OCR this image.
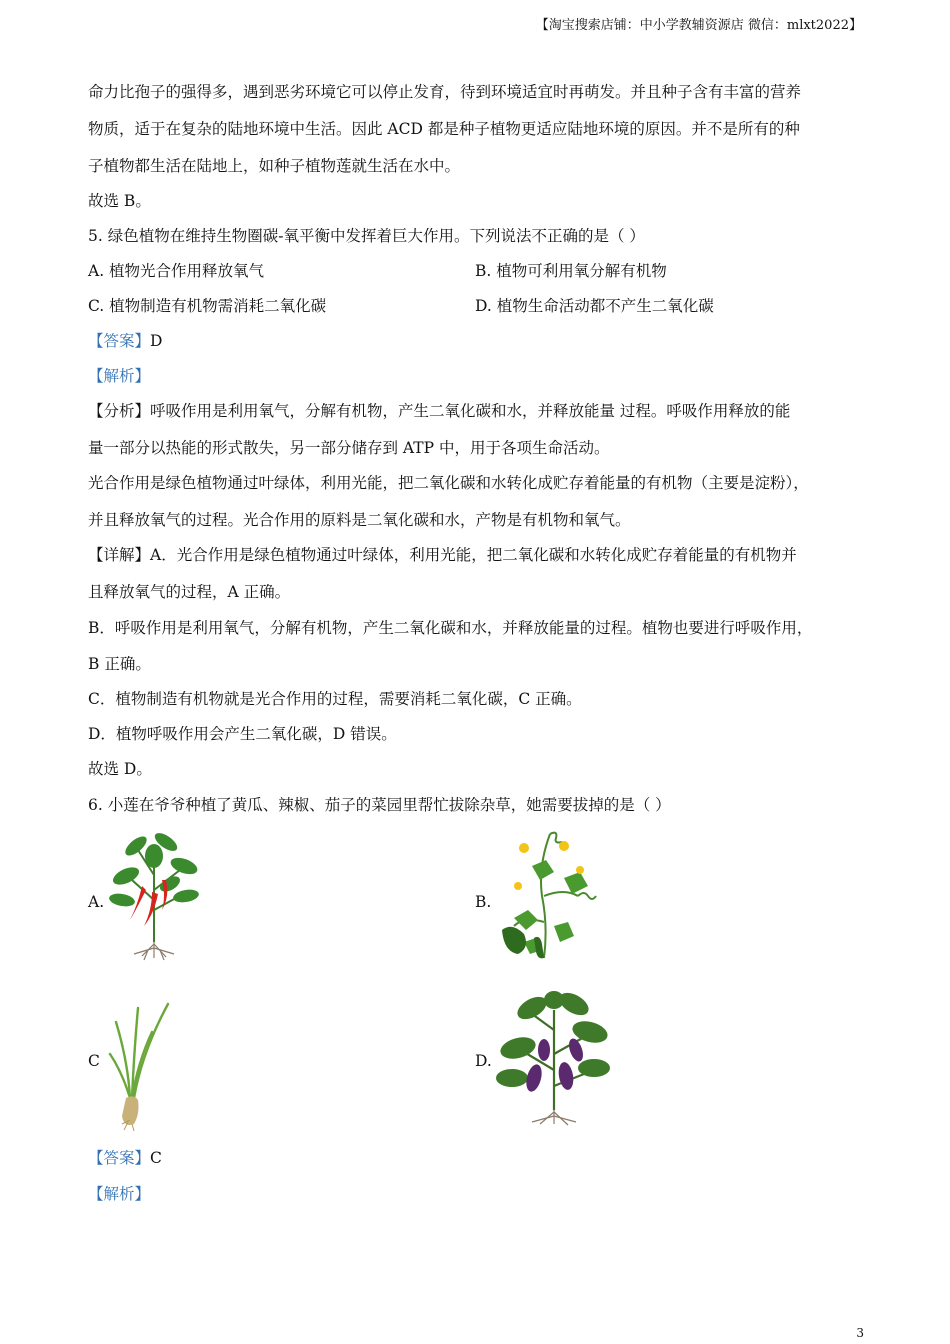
【淘宝搜索店铺：中小学教辅资源店 微信：mlxt2022】
命力比孢子的强得多，遇到恶劣环境它可以停止发育，待到环境适宜时再萌发。并且种子含有丰富的营养
物质，适于在复杂的陆地环境中生活。因此 ACD 都是种子植物更适应陆地环境的原因。并不是所有的种
子植物都生活在陆地上，如种子植物莲就生活在水中。
故选 B。
5. 绿色植物在维持生物圈碳-氧平衡中发挥着巨大作用。下列说法不正确的是（ ）
A. 植物光合作用释放氧气	B. 植物可利用氧分解有机物
C. 植物制造有机物需消耗二氧化碳	D. 植物生命活动都不产生二氧化碳
【答案】D
【解析】
【分析】呼吸作用是利用氧气，分解有机物，产生二氧化碳和水，并释放能量 过程。呼吸作用释放的能
量一部分以热能的形式散失，另一部分储存到 ATP 中，用于各项生命活动。
光合作用是绿色植物通过叶绿体，利用光能，把二氧化碳和水转化成贮存着能量的有机物（主要是淀粉），
并且释放氧气的过程。光合作用的原料是二氧化碳和水，产物是有机物和氧气。
【详解】A．光合作用是绿色植物通过叶绿体，利用光能，把二氧化碳和水转化成贮存着能量的有机物并
且释放氧气的过程，A 正确。
B．呼吸作用是利用氧气，分解有机物，产生二氧化碳和水，并释放能量的过程。植物也要进行呼吸作用，
B 正确。
C．植物制造有机物就是光合作用的过程，需要消耗二氧化碳，C 正确。
D．植物呼吸作用会产生二氧化碳，D 错误。
故选 D。
6. 小莲在爷爷种植了黄瓜、辣椒、茄子的菜园里帮忙拔除杂草，她需要拔掉的是（ ）
A.	B.
C	D.
【答案】C
【解析】
3
